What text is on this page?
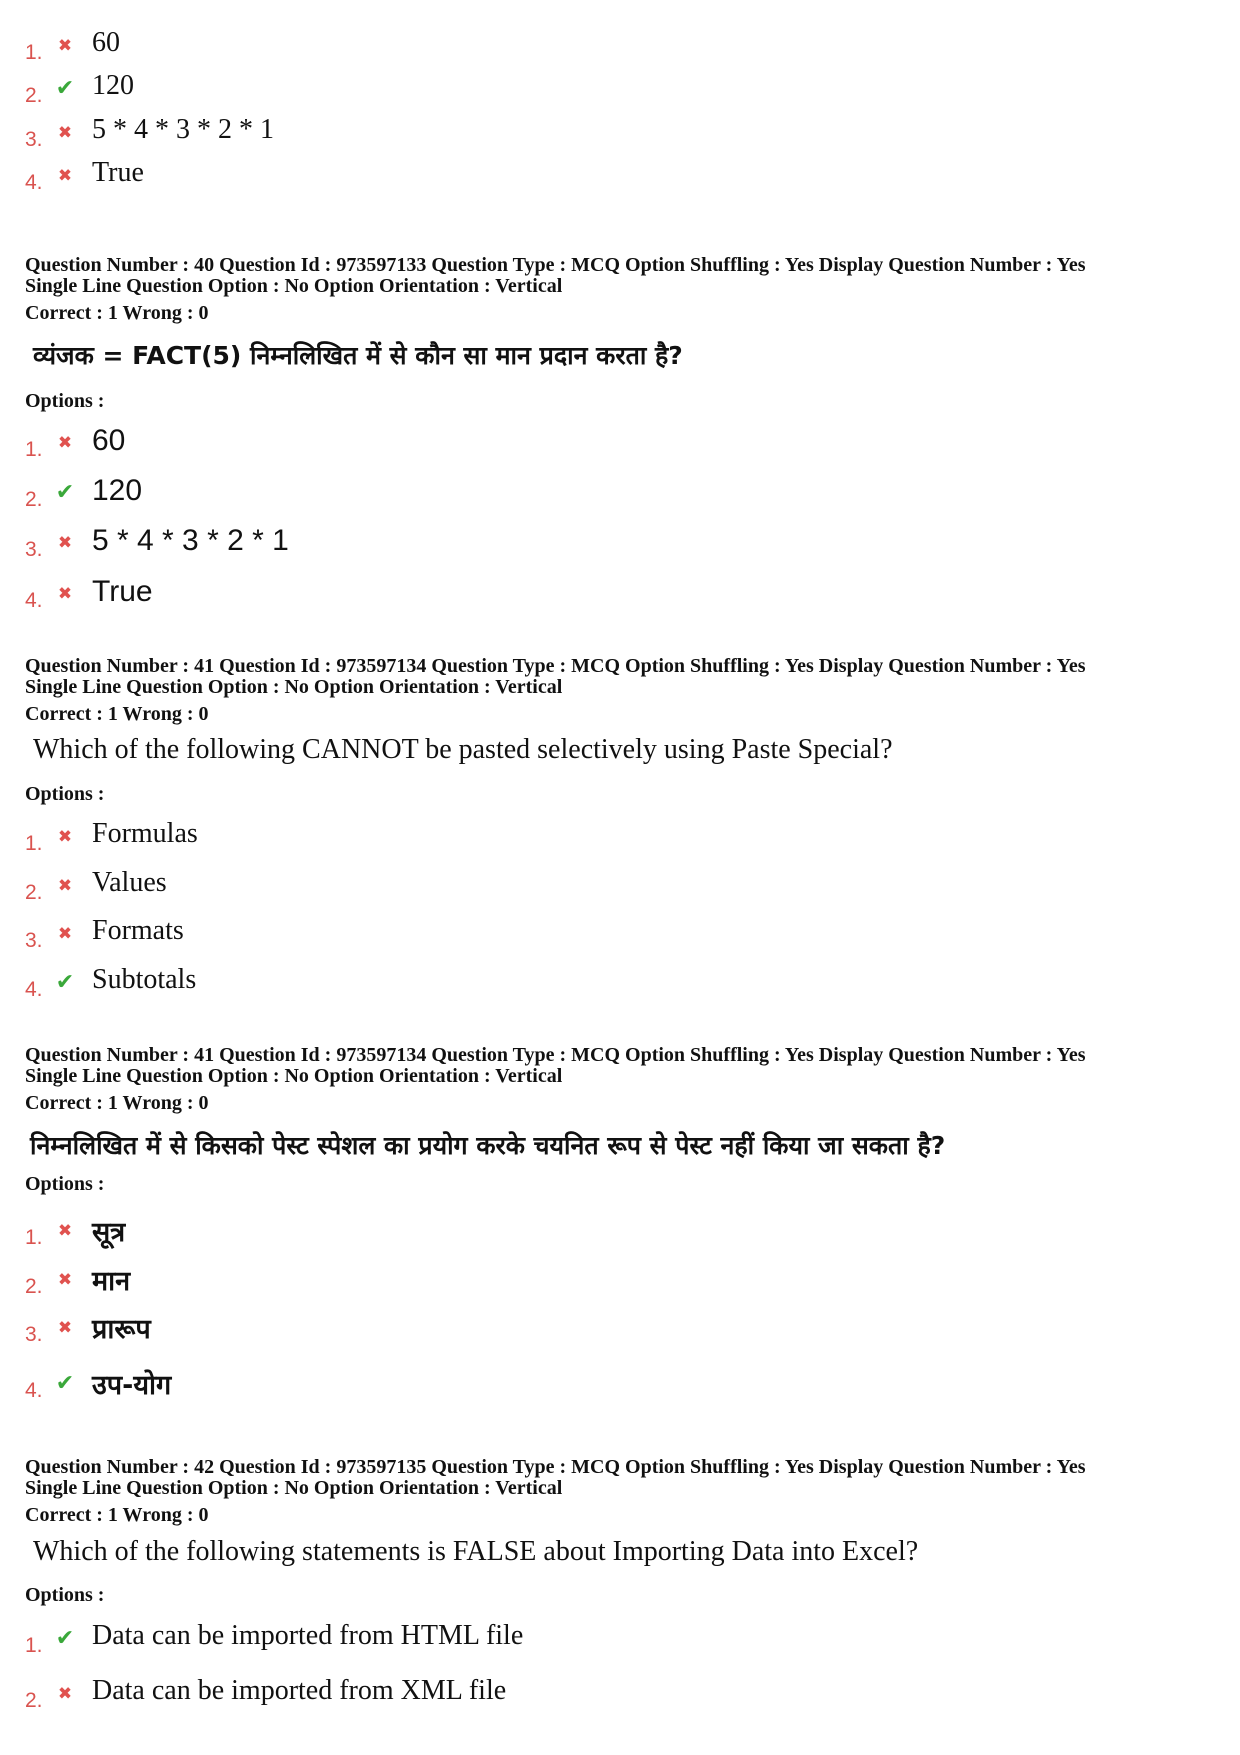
1. ✖ 60
2. ✔ 120
3. ✖ 5 * 4 * 3 * 2 * 1
4. ✖ True
Question Number : 40 Question Id : 973597133 Question Type : MCQ Option Shuffling : Yes Display Question Number : Yes
Single Line Question Option : No Option Orientation : Vertical
Correct : 1 Wrong : 0
व्यंजक = FACT(5) निम्नलिखित में से कौन सा मान प्रदान करता है?
Options :
1. ✖ 60
2. ✔ 120
3. ✖ 5 * 4 * 3 * 2 * 1
4. ✖ True
Question Number : 41 Question Id : 973597134 Question Type : MCQ Option Shuffling : Yes Display Question Number : Yes
Single Line Question Option : No Option Orientation : Vertical
Correct : 1 Wrong : 0
Which of the following CANNOT be pasted selectively using Paste Special?
Options :
1. ✖ Formulas
2. ✖ Values
3. ✖ Formats
4. ✔ Subtotals
Question Number : 41 Question Id : 973597134 Question Type : MCQ Option Shuffling : Yes Display Question Number : Yes
Single Line Question Option : No Option Orientation : Vertical
Correct : 1 Wrong : 0
निम्नलिखित में से किसको पेस्ट स्पेशल का प्रयोग करके चयनित रूप से पेस्ट नहीं किया जा सकता है?
Options :
1. ✖ सूत्र
2. ✖ मान
3. ✖ प्रारूप
4. ✔ उप-योग
Question Number : 42 Question Id : 973597135 Question Type : MCQ Option Shuffling : Yes Display Question Number : Yes
Single Line Question Option : No Option Orientation : Vertical
Correct : 1 Wrong : 0
Which of the following statements is FALSE about Importing Data into Excel?
Options :
1. ✔ Data can be imported from HTML file
2. ✖ Data can be imported from XML file
